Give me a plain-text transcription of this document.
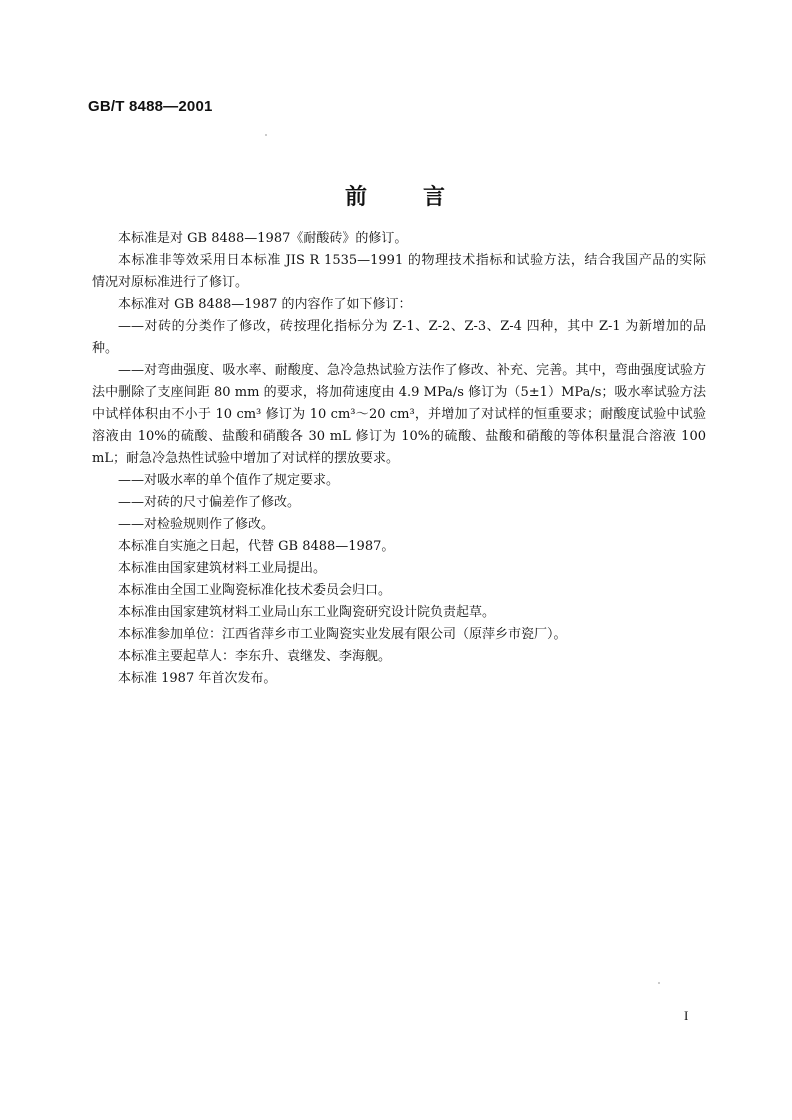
GB/T 8488—2001
前 言

本标准是对 GB 8488—1987《耐酸砖》的修订。

本标准非等效采用日本标准 JIS R 1535—1991 的物理技术指标和试验方法，结合我国产品的实际

情况对原标准进行了修订。

本标准对 GB 8488—1987 的内容作了如下修订：

——对砖的分类作了修改，砖按理化指标分为 Z-1、Z-2、Z-3、Z-4 四种，其中 Z-1 为新增加的品种。

——对弯曲强度、吸水率、耐酸度、急冷急热试验方法作了修改、补充、完善。其中，弯曲强度试验方

法中删除了支座间距 80 mm 的要求，将加荷速度由 4.9 MPa/s 修订为（5±1）MPa/s；吸水率试验方法

中试样体积由不小于 10 cm³ 修订为 10 cm³～20 cm³，并增加了对试样的恒重要求；耐酸度试验中试验

溶液由 10%的硫酸、盐酸和硝酸各 30 mL 修订为 10%的硫酸、盐酸和硝酸的等体积量混合溶液 100

mL；耐急冷急热性试验中增加了对试样的摆放要求。

——对吸水率的单个值作了规定要求。

——对砖的尺寸偏差作了修改。

——对检验规则作了修改。

本标准自实施之日起，代替 GB 8488—1987。

本标准由国家建筑材料工业局提出。

本标准由全国工业陶瓷标准化技术委员会归口。

本标准由国家建筑材料工业局山东工业陶瓷研究设计院负责起草。

本标准参加单位：江西省萍乡市工业陶瓷实业发展有限公司（原萍乡市瓷厂）。

本标准主要起草人：李东升、袁继发、李海舰。

本标准 1987 年首次发布。

I
